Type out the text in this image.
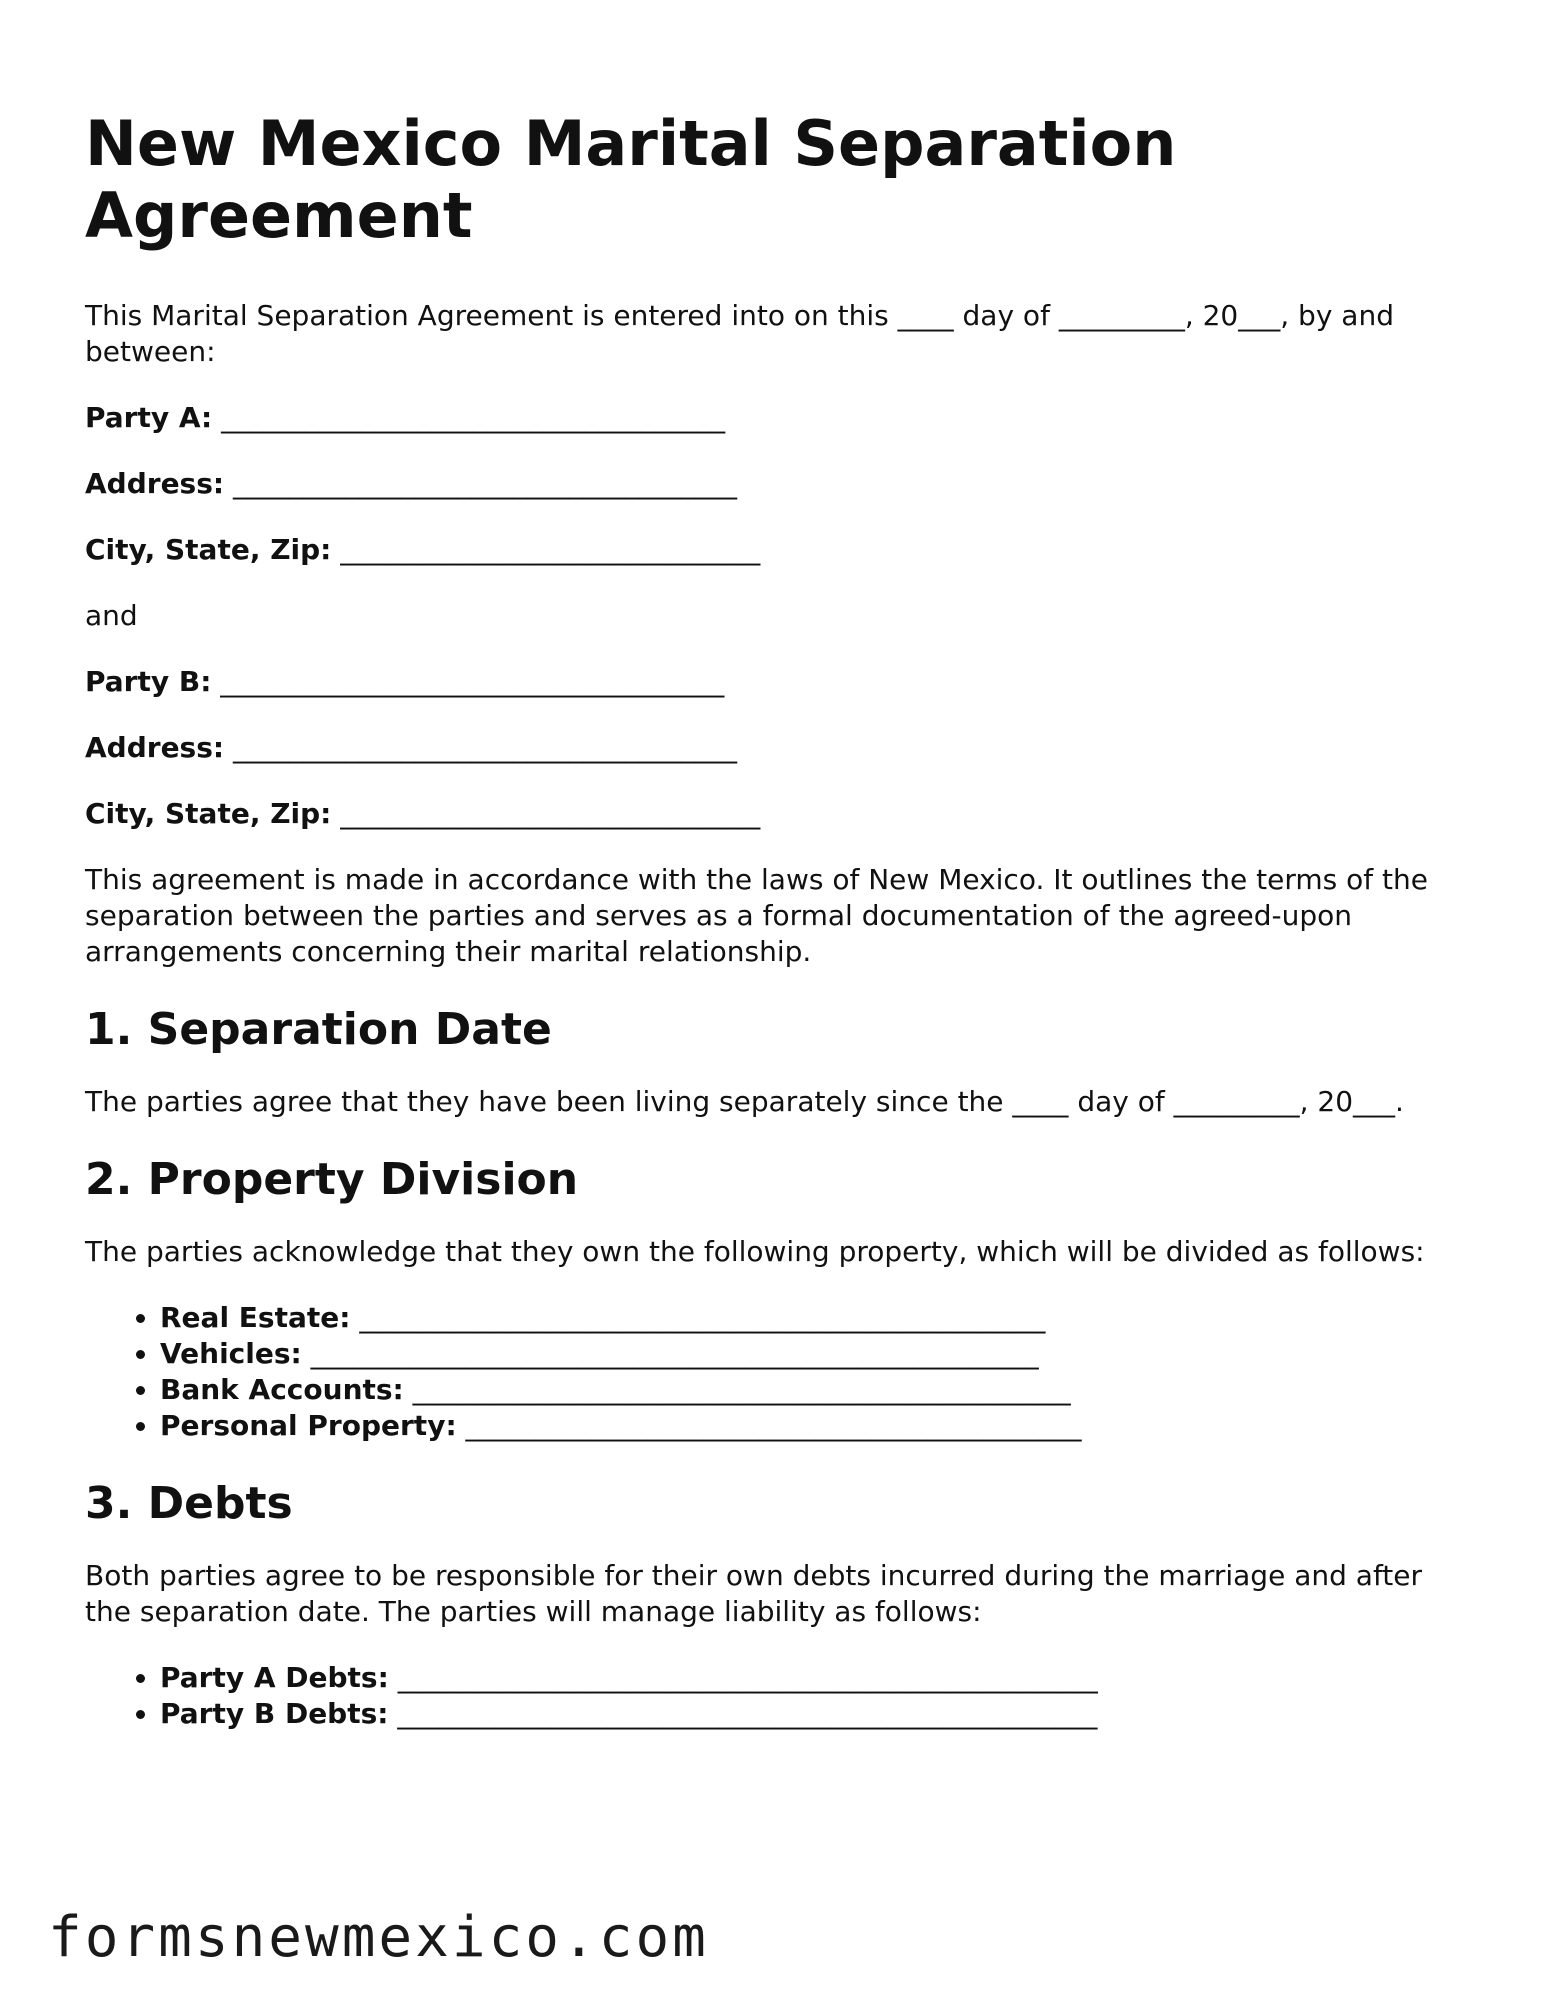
New Mexico Marital Separation Agreement

This Marital Separation Agreement is entered into on this ____ day of _________, 20___, by and between:

Party A: ____________________________________
Address: ____________________________________
City, State, Zip: ______________________________

and

Party B: ____________________________________
Address: ____________________________________
City, State, Zip: ______________________________

This agreement is made in accordance with the laws of New Mexico. It outlines the terms of the separation between the parties and serves as a formal documentation of the agreed-upon arrangements concerning their marital relationship.

1. Separation Date

The parties agree that they have been living separately since the ____ day of _________, 20___.

2. Property Division

The parties acknowledge that they own the following property, which will be divided as follows:

• Real Estate: _________________________________________________
• Vehicles: ____________________________________________________
• Bank Accounts: _______________________________________________
• Personal Property: ____________________________________________
3. Debts

Both parties agree to be responsible for their own debts incurred during the marriage and after the separation date. The parties will manage liability as follows:

• Party A Debts: __________________________________________________
• Party B Debts: __________________________________________________
formsnewmexico.com
